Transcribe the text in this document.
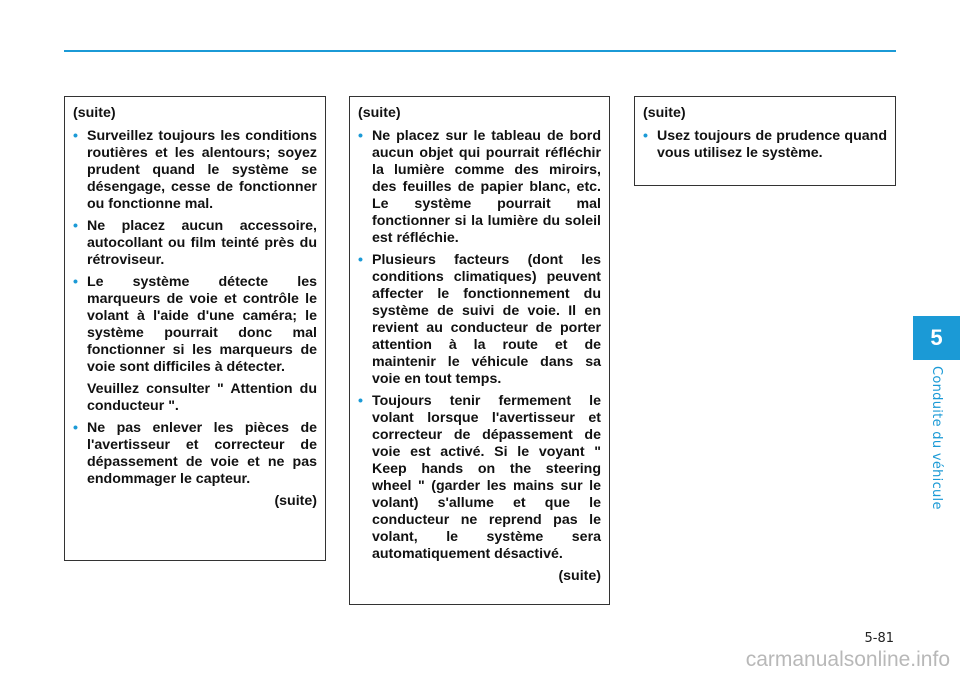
(suite)

• Surveillez toujours les conditions routières et les alentours; soyez prudent quand le système se désengage, cesse de fonctionner ou fonctionne mal.
• Ne placez aucun accessoire, autocollant ou film teinté près du rétroviseur.
• Le système détecte les marqueurs de voie et contrôle le volant à l'aide d'une caméra; le système pourrait donc mal fonctionner si les marqueurs de voie sont difficiles à détecter.

Veuillez consulter " Attention du conducteur ".

• Ne pas enlever les pièces de l'avertisseur et correcteur de dépassement de voie et ne pas endommager le capteur.

(suite)

(suite)

• Ne placez sur le tableau de bord aucun objet qui pourrait réfléchir la lumière comme des miroirs, des feuilles de papier blanc, etc. Le système pourrait mal fonctionner si la lumière du soleil est réfléchie.
• Plusieurs facteurs (dont les conditions climatiques) peuvent affecter le fonctionnement du système de suivi de voie. Il en revient au conducteur de porter attention à la route et de maintenir le véhicule dans sa voie en tout temps.
• Toujours tenir fermement le volant lorsque l'avertisseur et correcteur de dépassement de voie est activé. Si le voyant " Keep hands on the steering wheel " (garder les mains sur le volant) s'allume et que le conducteur ne reprend pas le volant, le système sera automatiquement désactivé.

(suite)

(suite)

• Usez toujours de prudence quand vous utilisez le système.
5
Conduite du véhicule
5-81
carmanualsonline.info
